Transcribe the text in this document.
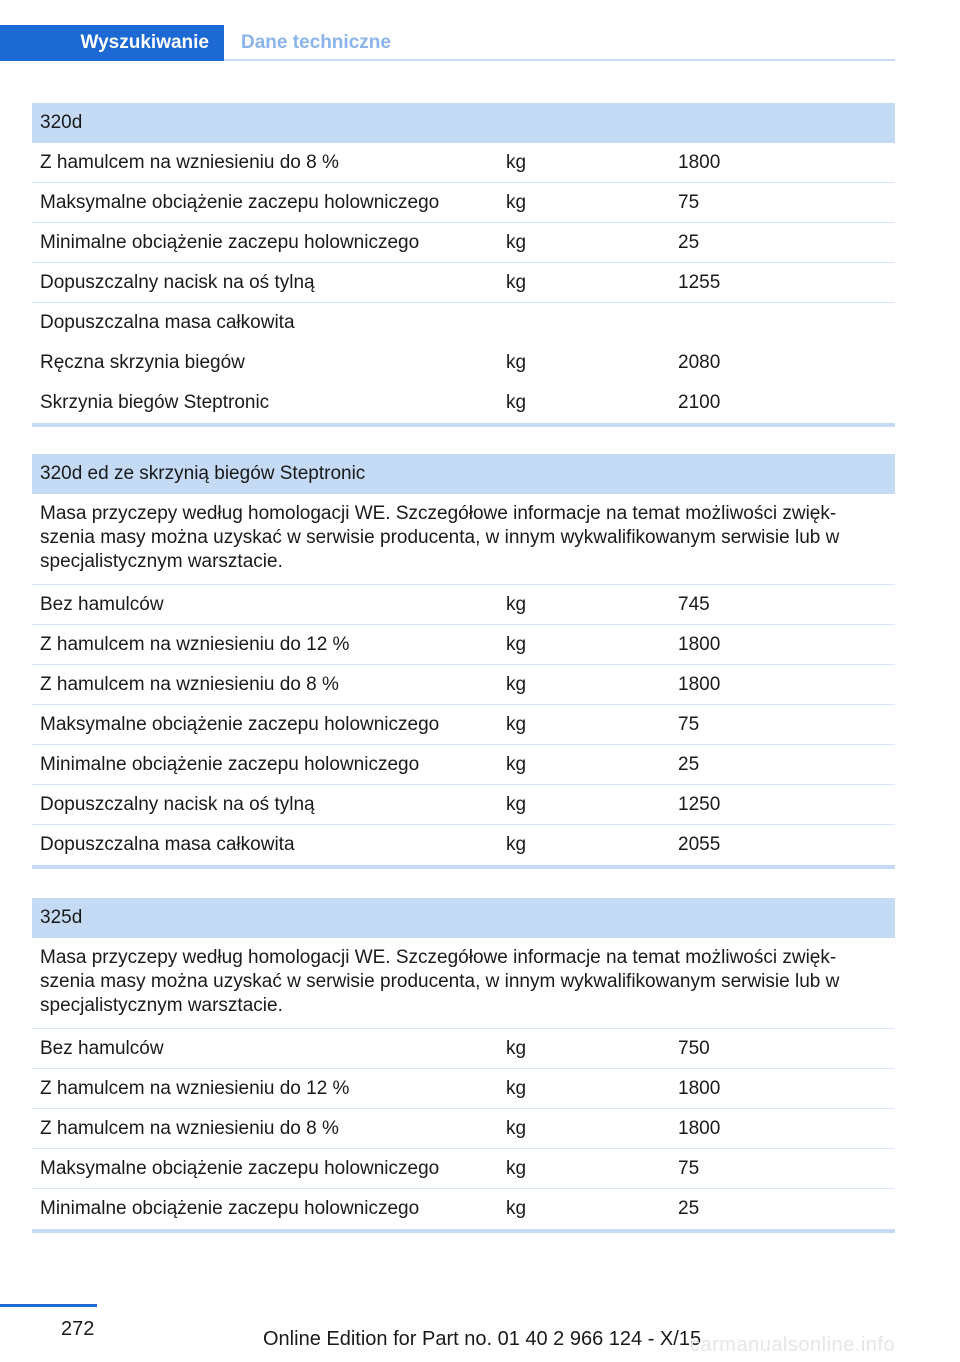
Wyszukiwanie	Dane techniczne
320d
Z hamulcem na wzniesieniu do 8 %	kg	1800
Maksymalne obciążenie zaczepu holowniczego	kg	75
Minimalne obciążenie zaczepu holowniczego	kg	25
Dopuszczalny nacisk na oś tylną	kg	1255
Dopuszczalna masa całkowita
Ręczna skrzynia biegów	kg	2080
Skrzynia biegów Steptronic	kg	2100
320d ed ze skrzynią biegów Steptronic
Masa przyczepy według homologacji WE. Szczegółowe informacje na temat możliwości zwięk‐szenia masy można uzyskać w serwisie producenta, w innym wykwalifikowanym serwisie lub w specjalistycznym warsztacie.
Bez hamulców	kg	745
Z hamulcem na wzniesieniu do 12 %	kg	1800
Z hamulcem na wzniesieniu do 8 %	kg	1800
Maksymalne obciążenie zaczepu holowniczego	kg	75
Minimalne obciążenie zaczepu holowniczego	kg	25
Dopuszczalny nacisk na oś tylną	kg	1250
Dopuszczalna masa całkowita	kg	2055
325d
Masa przyczepy według homologacji WE. Szczegółowe informacje na temat możliwości zwięk‐szenia masy można uzyskać w serwisie producenta, w innym wykwalifikowanym serwisie lub w specjalistycznym warsztacie.
Bez hamulców	kg	750
Z hamulcem na wzniesieniu do 12 %	kg	1800
Z hamulcem na wzniesieniu do 8 %	kg	1800
Maksymalne obciążenie zaczepu holowniczego	kg	75
Minimalne obciążenie zaczepu holowniczego	kg	25
272	Online Edition for Part no. 01 40 2 966 124 - X/15
carmanualsonline.info
